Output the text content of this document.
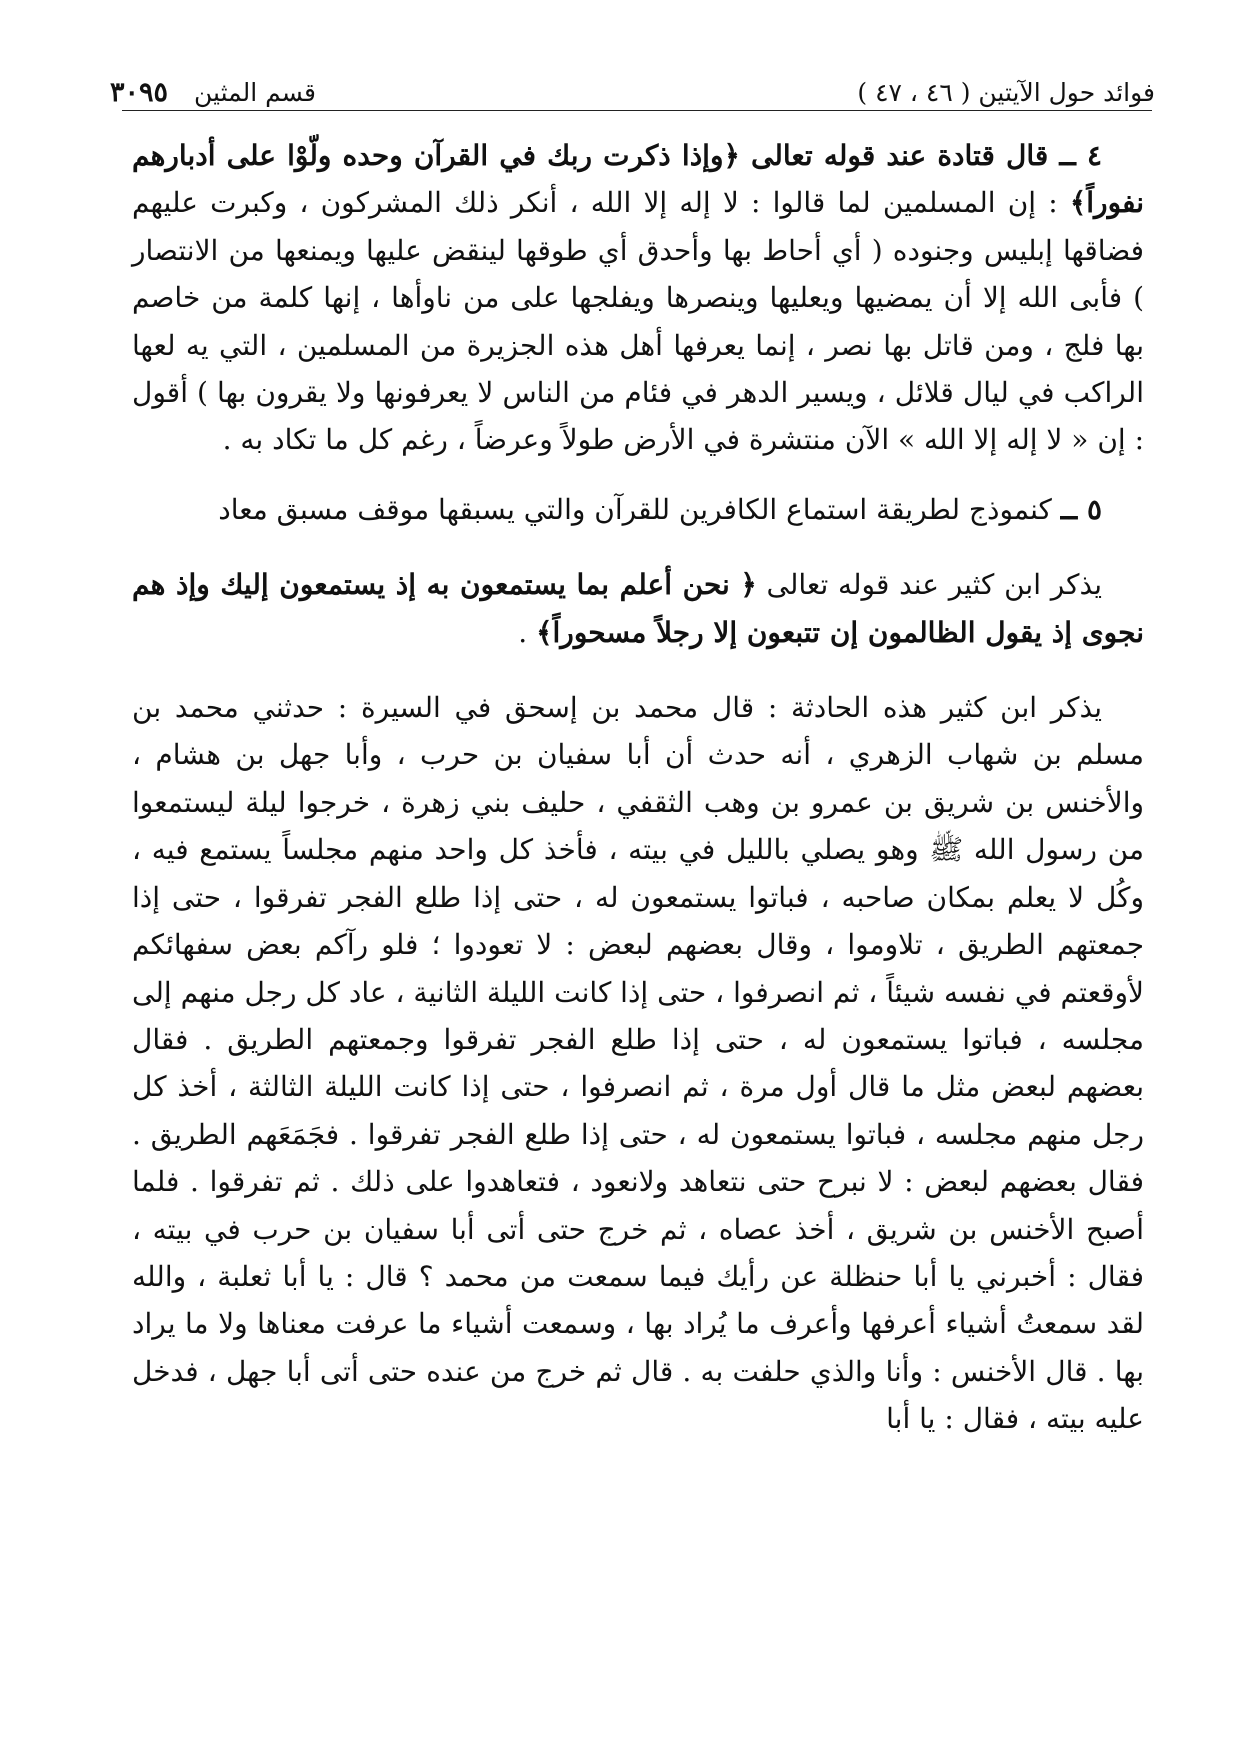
فوائد حول الآيتين ( ٤٦ ، ٤٧ )
قسم المثين
٣٠٩٥

٤ ــ قال قتادة عند قوله تعالى ﴿وإذا ذكرت ربك في القرآن وحده ولّوْا على أدبارهم نفوراً﴾ : إن المسلمين لما قالوا : لا إله إلا الله ، أنكر ذلك المشركون ، وكبرت عليهم فضاقها إبليس وجنوده ( أي أحاط بها وأحدق أي طوقها لينقض عليها ويمنعها من الانتصار ) فأبى الله إلا أن يمضيها ويعليها وينصرها ويفلجها على من ناوأها ، إنها كلمة من خاصم بها فلج ، ومن قاتل بها نصر ، إنما يعرفها أهل هذه الجزيرة من المسلمين ، التي يه لعها الراكب في ليال قلائل ، ويسير الدهر في فئام من الناس لا يعرفونها ولا يقرون بها ) أقول : إن « لا إله إلا الله » الآن منتشرة في الأرض طولاً وعرضاً ، رغم كل ما تكاد به .

٥ ــ كنموذج لطريقة استماع الكافرين للقرآن والتي يسبقها موقف مسبق معاد

يذكر ابن كثير عند قوله تعالى ﴿ نحن أعلم بما يستمعون به إذ يستمعون إليك وإذ هم نجوى إذ يقول الظالمون إن تتبعون إلا رجلاً مسحوراً﴾ .

يذكر ابن كثير هذه الحادثة : قال محمد بن إسحق في السيرة : حدثني محمد بن مسلم بن شهاب الزهري ، أنه حدث أن أبا سفيان بن حرب ، وأبا جهل بن هشام ، والأخنس بن شريق بن عمرو بن وهب الثقفي ، حليف بني زهرة ، خرجوا ليلة ليستمعوا من رسول الله ﷺ وهو يصلي بالليل في بيته ، فأخذ كل واحد منهم مجلساً يستمع فيه ، وكُل لا يعلم بمكان صاحبه ، فباتوا يستمعون له ، حتى إذا طلع الفجر تفرقوا ، حتى إذا جمعتهم الطريق ، تلاوموا ، وقال بعضهم لبعض : لا تعودوا ؛ فلو رآكم بعض سفهائكم لأوقعتم في نفسه شيئاً ، ثم انصرفوا ، حتى إذا كانت الليلة الثانية ، عاد كل رجل منهم إلى مجلسه ، فباتوا يستمعون له ، حتى إذا طلع الفجر تفرقوا وجمعتهم الطريق . فقال بعضهم لبعض مثل ما قال أول مرة ، ثم انصرفوا ، حتى إذا كانت الليلة الثالثة ، أخذ كل رجل منهم مجلسه ، فباتوا يستمعون له ، حتى إذا طلع الفجر تفرقوا . فجَمَعَهم الطريق . فقال بعضهم لبعض : لا نبرح حتى نتعاهد ولانعود ، فتعاهدوا على ذلك . ثم تفرقوا . فلما أصبح الأخنس بن شريق ، أخذ عصاه ، ثم خرج حتى أتى أبا سفيان بن حرب في بيته ، فقال : أخبرني يا أبا حنظلة عن رأيك فيما سمعت من محمد ؟ قال : يا أبا ثعلبة ، والله لقد سمعتُ أشياء أعرفها وأعرف ما يُراد بها ، وسمعت أشياء ما عرفت معناها ولا ما يراد بها . قال الأخنس : وأنا والذي حلفت به . قال ثم خرج من عنده حتى أتى أبا جهل ، فدخل عليه بيته ، فقال : يا أبا
